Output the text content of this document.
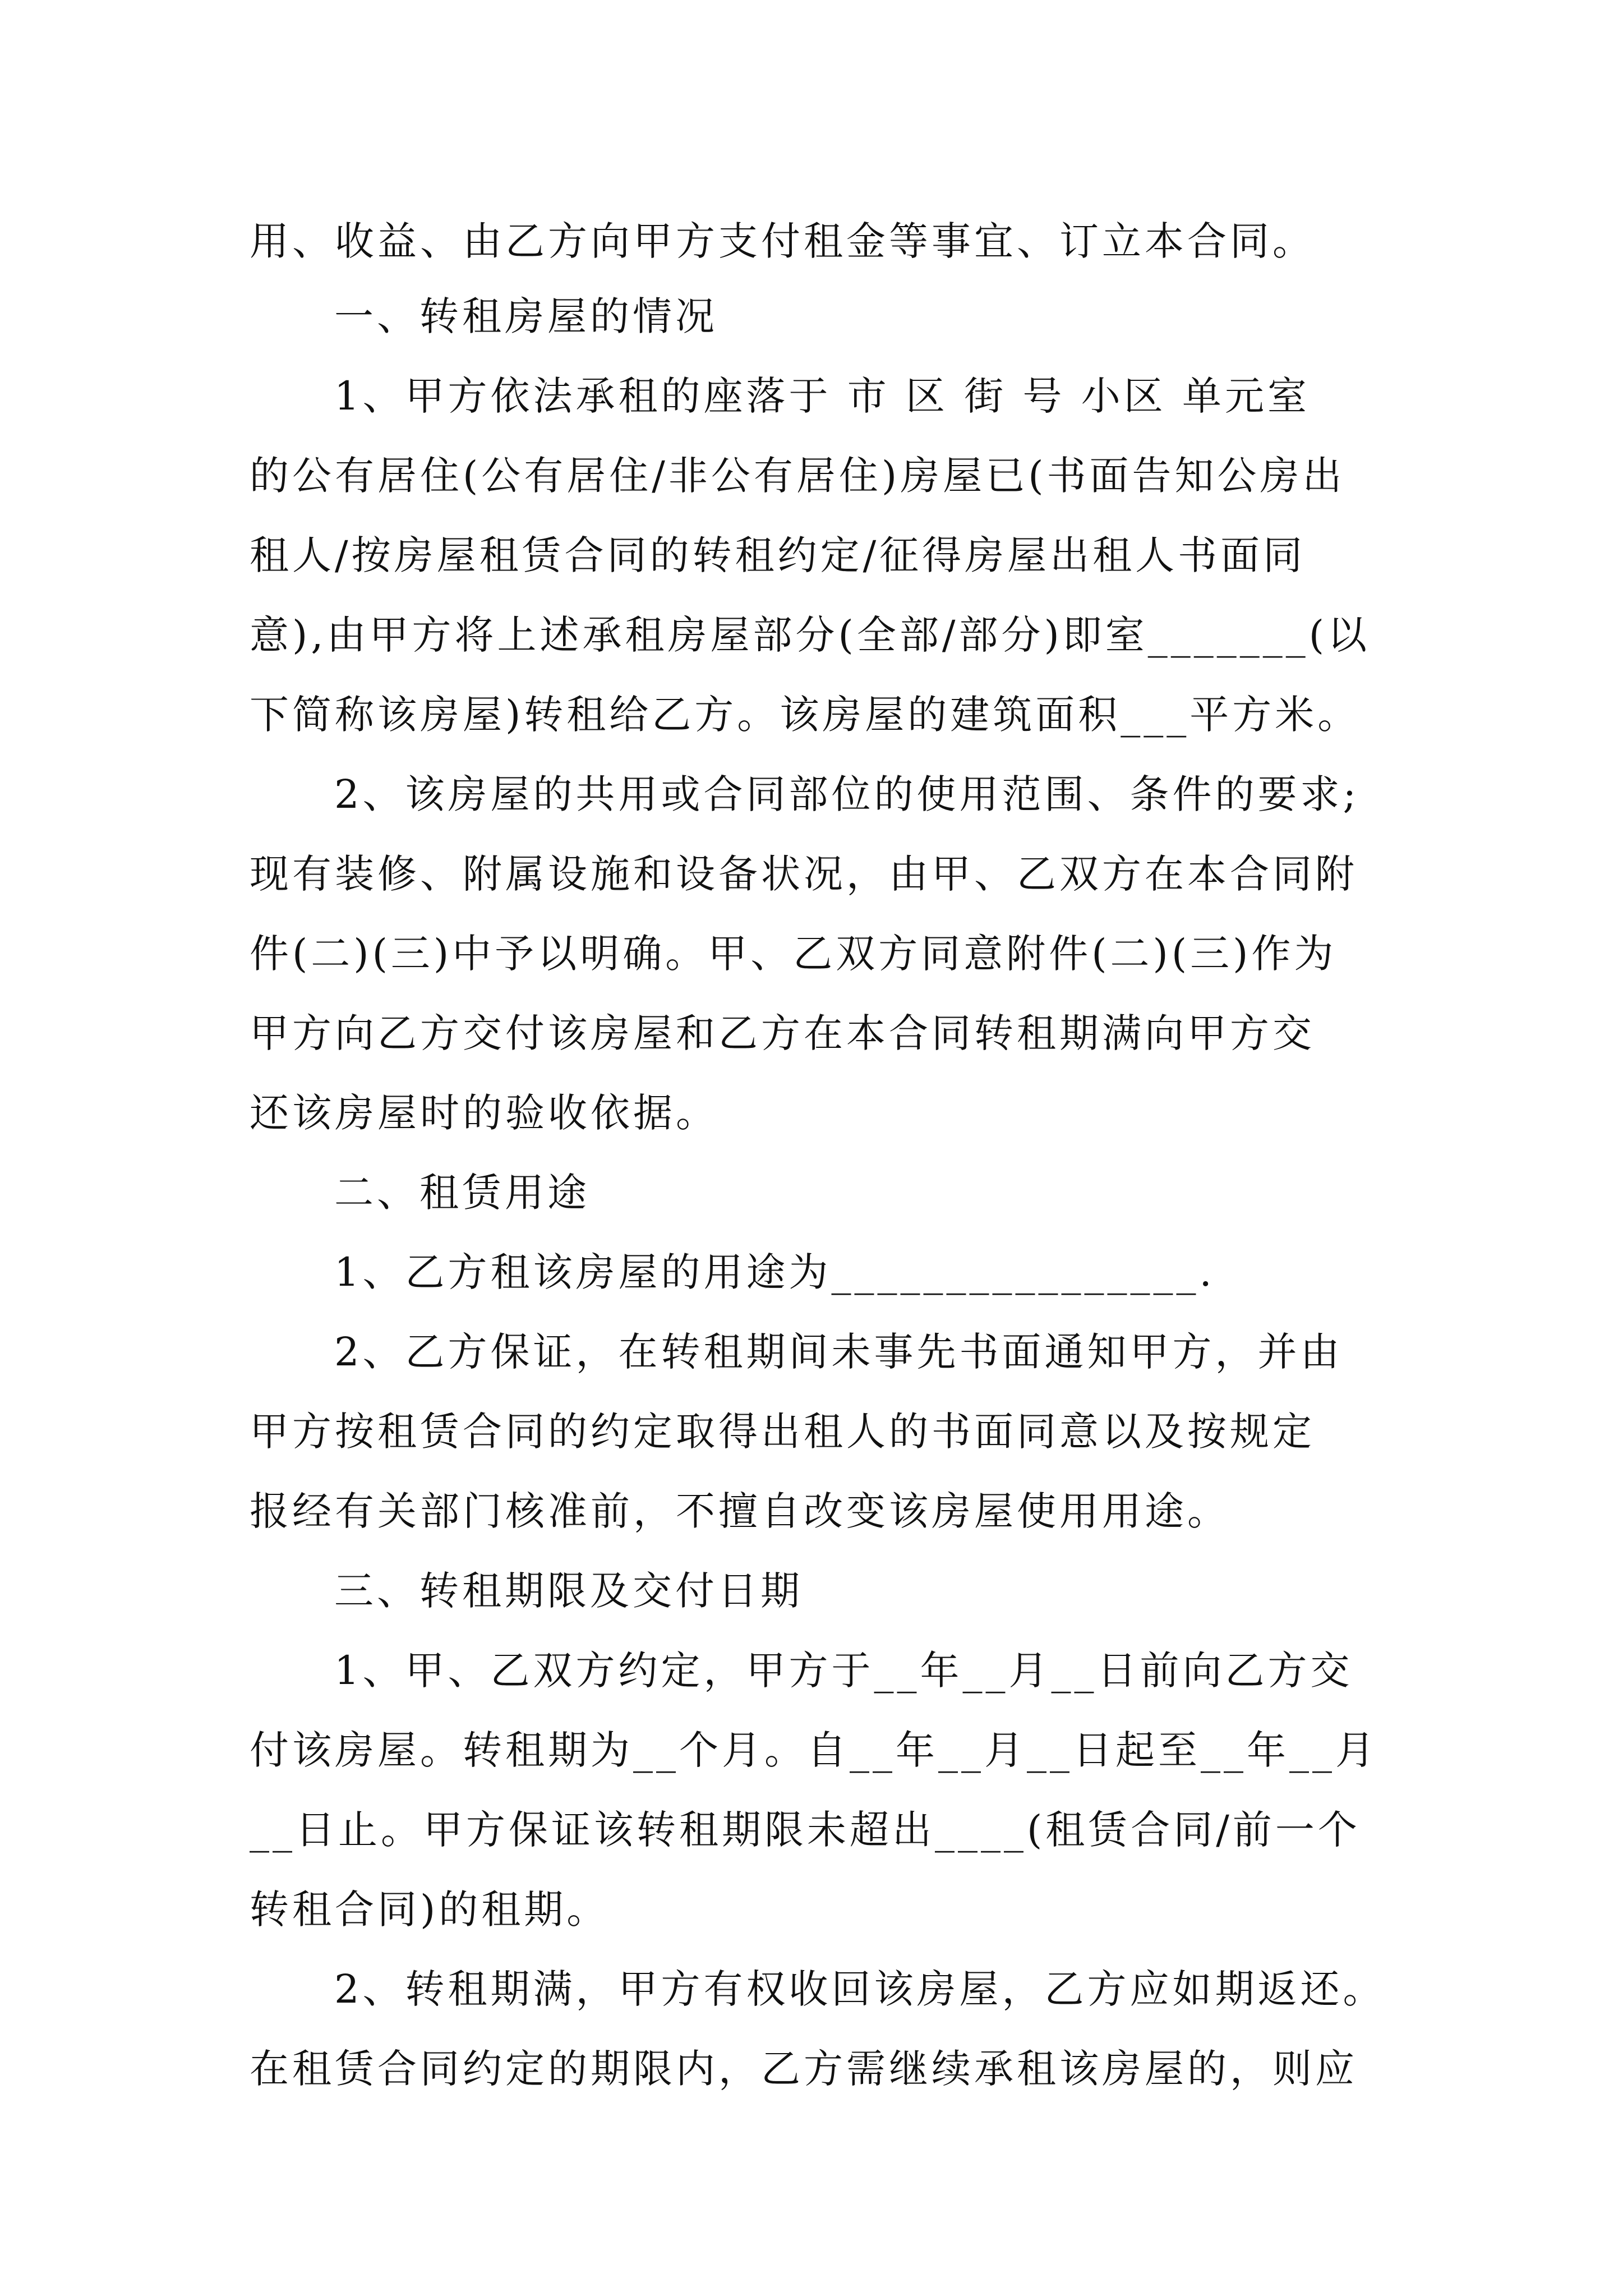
用、收益、由乙方向甲方支付租金等事宜、订立本合同。
一、转租房屋的情况
1、甲方依法承租的座落于 市 区 街 号 小区 单元室
的公有居住(公有居住/非公有居住)房屋已(书面告知公房出
租人/按房屋租赁合同的转租约定/征得房屋出租人书面同
意),由甲方将上述承租房屋部分(全部/部分)即室_______(以
下简称该房屋)转租给乙方。该房屋的建筑面积___平方米。
2、该房屋的共用或合同部位的使用范围、条件的要求;
现有装修、附属设施和设备状况，由甲、乙双方在本合同附
件(二)(三)中予以明确。甲、乙双方同意附件(二)(三)作为
甲方向乙方交付该房屋和乙方在本合同转租期满向甲方交
还该房屋时的验收依据。
二、租赁用途
1、乙方租该房屋的用途为________________.
2、乙方保证，在转租期间未事先书面通知甲方，并由
甲方按租赁合同的约定取得出租人的书面同意以及按规定
报经有关部门核准前，不擅自改变该房屋使用用途。
三、转租期限及交付日期
1、甲、乙双方约定，甲方于__年__月__日前向乙方交
付该房屋。转租期为__个月。自__年__月__日起至__年__月
__日止。甲方保证该转租期限未超出____(租赁合同/前一个
转租合同)的租期。
2、转租期满，甲方有权收回该房屋，乙方应如期返还。
在租赁合同约定的期限内，乙方需继续承租该房屋的，则应
